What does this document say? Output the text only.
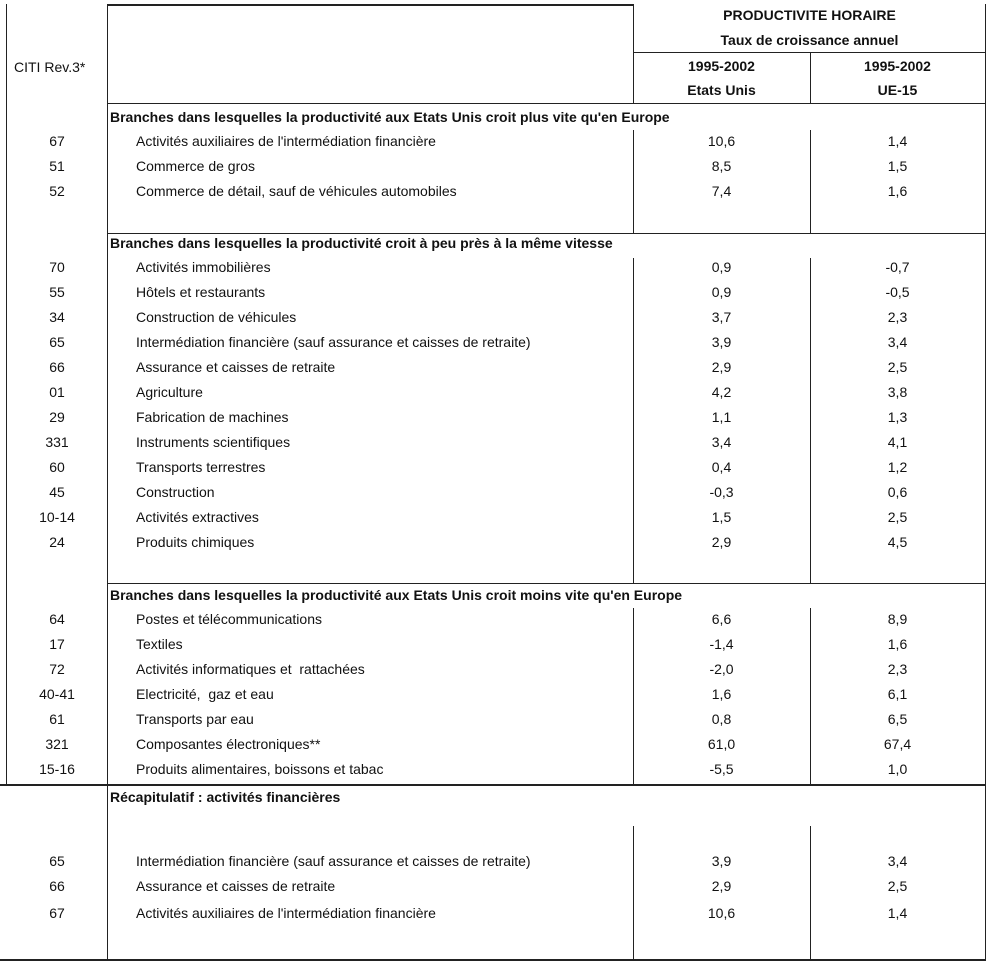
CITI Rev.3*
PRODUCTIVITE HORAIRE
Taux de croissance annuel
1995-2002
Etats Unis
1995-2002
UE-15
Branches dans lesquelles la productivité aux Etats Unis croit plus vite qu'en Europe
67	Activités auxiliaires de l'intermédiation financière	10,6	1,4
51	Commerce de gros	8,5	1,5
52	Commerce de détail, sauf de véhicules automobiles	7,4	1,6
Branches dans lesquelles la productivité croit à peu près à la même vitesse
70	Activités immobilières	0,9	-0,7
55	Hôtels et restaurants	0,9	-0,5
34	Construction de véhicules	3,7	2,3
65	Intermédiation financière (sauf assurance et caisses de retraite)	3,9	3,4
66	Assurance et caisses de retraite	2,9	2,5
01	Agriculture	4,2	3,8
29	Fabrication de machines	1,1	1,3
331	Instruments scientifiques	3,4	4,1
60	Transports terrestres	0,4	1,2
45	Construction	-0,3	0,6
10-14	Activités extractives	1,5	2,5
24	Produits chimiques	2,9	4,5
Branches dans lesquelles la productivité aux Etats Unis croit moins vite qu'en Europe
64	Postes et télécommunications	6,6	8,9
17	Textiles	-1,4	1,6
72	Activités informatiques et  rattachées	-2,0	2,3
40-41	Electricité,  gaz et eau	1,6	6,1
61	Transports par eau	0,8	6,5
321	Composantes électroniques**	61,0	67,4
15-16	Produits alimentaires, boissons et tabac	-5,5	1,0
Récapitulatif : activités financières
65	Intermédiation financière (sauf assurance et caisses de retraite)	3,9	3,4
66	Assurance et caisses de retraite	2,9	2,5
67	Activités auxiliaires de l'intermédiation financière	10,6	1,4
